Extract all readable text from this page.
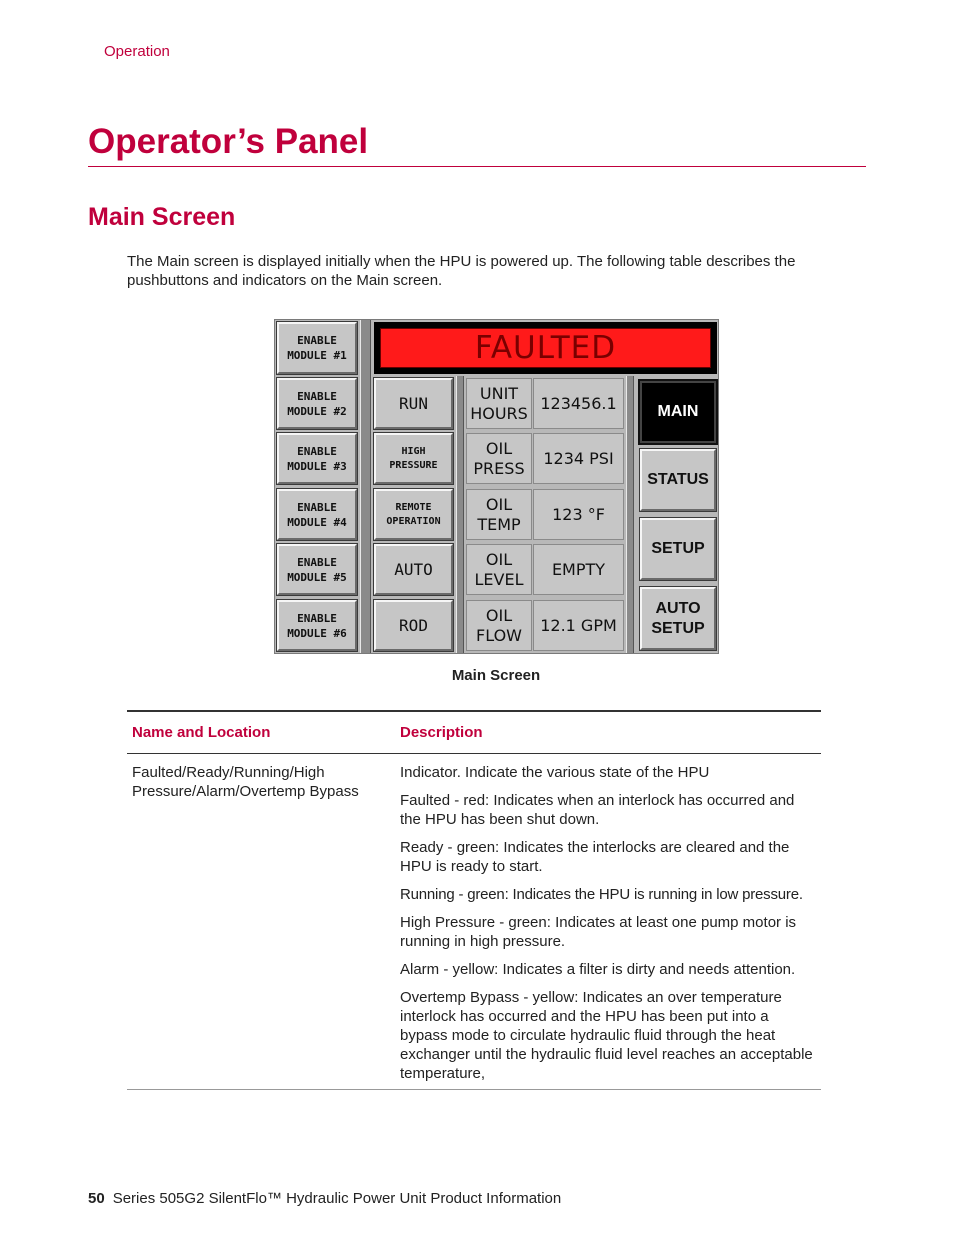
Operation
Operator’s Panel
Main Screen

The Main screen is displayed initially when the HPU is powered up. The following table describes the pushbuttons and indicators on the Main screen.

ENABLE
MODULE #1
ENABLE
MODULE #2
ENABLE
MODULE #3
ENABLE
MODULE #4
ENABLE
MODULE #5
ENABLE
MODULE #6
FAULTED
RUN
HIGH
PRESSURE
REMOTE
OPERATION
AUTO
ROD
UNIT
HOURS
123456.1
OIL
PRESS
1234 PSI
OIL
TEMP
123 °F
OIL
LEVEL
EMPTY
OIL
FLOW
12.1 GPM
MAIN
STATUS
SETUP
AUTO
SETUP
Main Screen
Name and Location	Description
Faulted/Ready/Running/High Pressure/Alarm/Overtemp Bypass

Indicator. Indicate the various state of the HPU

Faulted - red: Indicates when an interlock has occurred and the HPU has been shut down.

Ready - green: Indicates the interlocks are cleared and the HPU is ready to start.

Running - green: Indicates the HPU is running in low pressure.

High Pressure - green: Indicates at least one pump motor is running in high pressure.

Alarm - yellow: Indicates a filter is dirty and needs attention.

Overtemp Bypass - yellow: Indicates an over temperature interlock has occurred and the HPU has been put into a bypass mode to circulate hydraulic fluid through the heat exchanger until the hydraulic fluid level reaches an acceptable temperature,

50 Series 505G2 SilentFlo™ Hydraulic Power Unit Product Information
